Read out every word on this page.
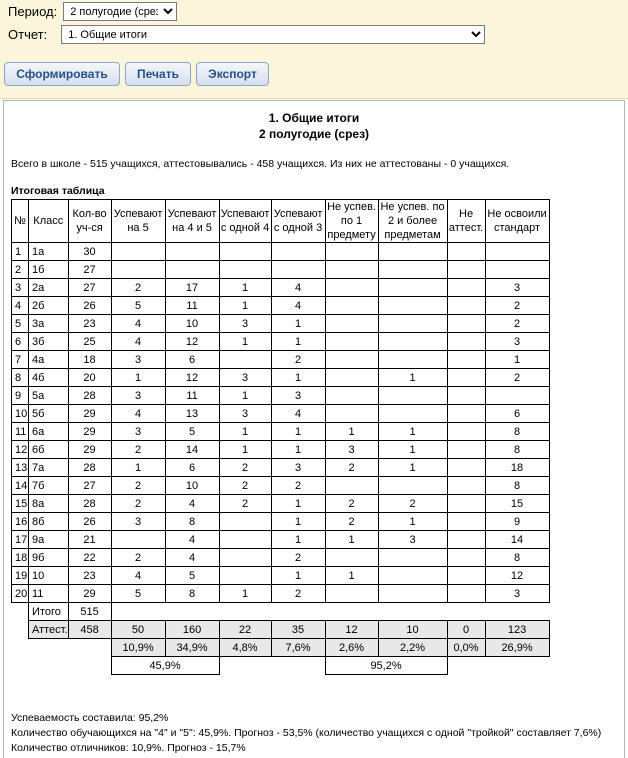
Период:
2 полугодие (срез)
Отчет:
1. Общие итоги
Сформировать	Печать	Экспорт
1. Общие итоги
2 полугодие (срез)
Всего в школе - 515 учащихся, аттестовывались - 458 учащихся. Из них не аттестованы - 0 учащихся.
Итоговая таблица
№	Класс	Кол-во уч-ся	Успевают на 5	Успевают на 4 и 5	Успевают с одной 4	Успевают с одной 3	Не успев. по 1 предмету	Не успев. по 2 и более предметам	Не аттест.	Не освоили стандарт
1	1а	30								
2	1б	27								
3	2а	27	2	17	1	4				3
4	2б	26	5	11	1	4				2
5	3а	23	4	10	3	1				2
6	3б	25	4	12	1	1				3
7	4а	18	3	6		2				1
8	4б	20	1	12	3	1		1		2
9	5а	28	3	11	1	3				
10	5б	29	4	13	3	4				6
11	6а	29	3	5	1	1	1	1		8
12	6б	29	2	14	1	1	3	1		8
13	7а	28	1	6	2	3	2	1		18
14	7б	27	2	10	2	2				8
15	8а	28	2	4	2	1	2	2		15
16	8б	26	3	8		1	2	1		9
17	9а	21		4		1	1	3		14
18	9б	22	2	4		2				8
19	10	23	4	5		1	1			12
20	11	29	5	8	1	2				3
	Итого	515								
	Аттест.	458	50	160	22	35	12	10	0	123
			10,9%	34,9%	4,8%	7,6%	2,6%	2,2%	0,0%	26,9%
			45,9%				95,2%			
Успеваемость составила: 95,2%
Количество обучающихся на "4" и "5": 45,9%. Прогноз - 53,5% (количество учащихся с одной "тройкой" составляет 7,6%)
Количество отличников: 10,9%. Прогноз - 15,7%
